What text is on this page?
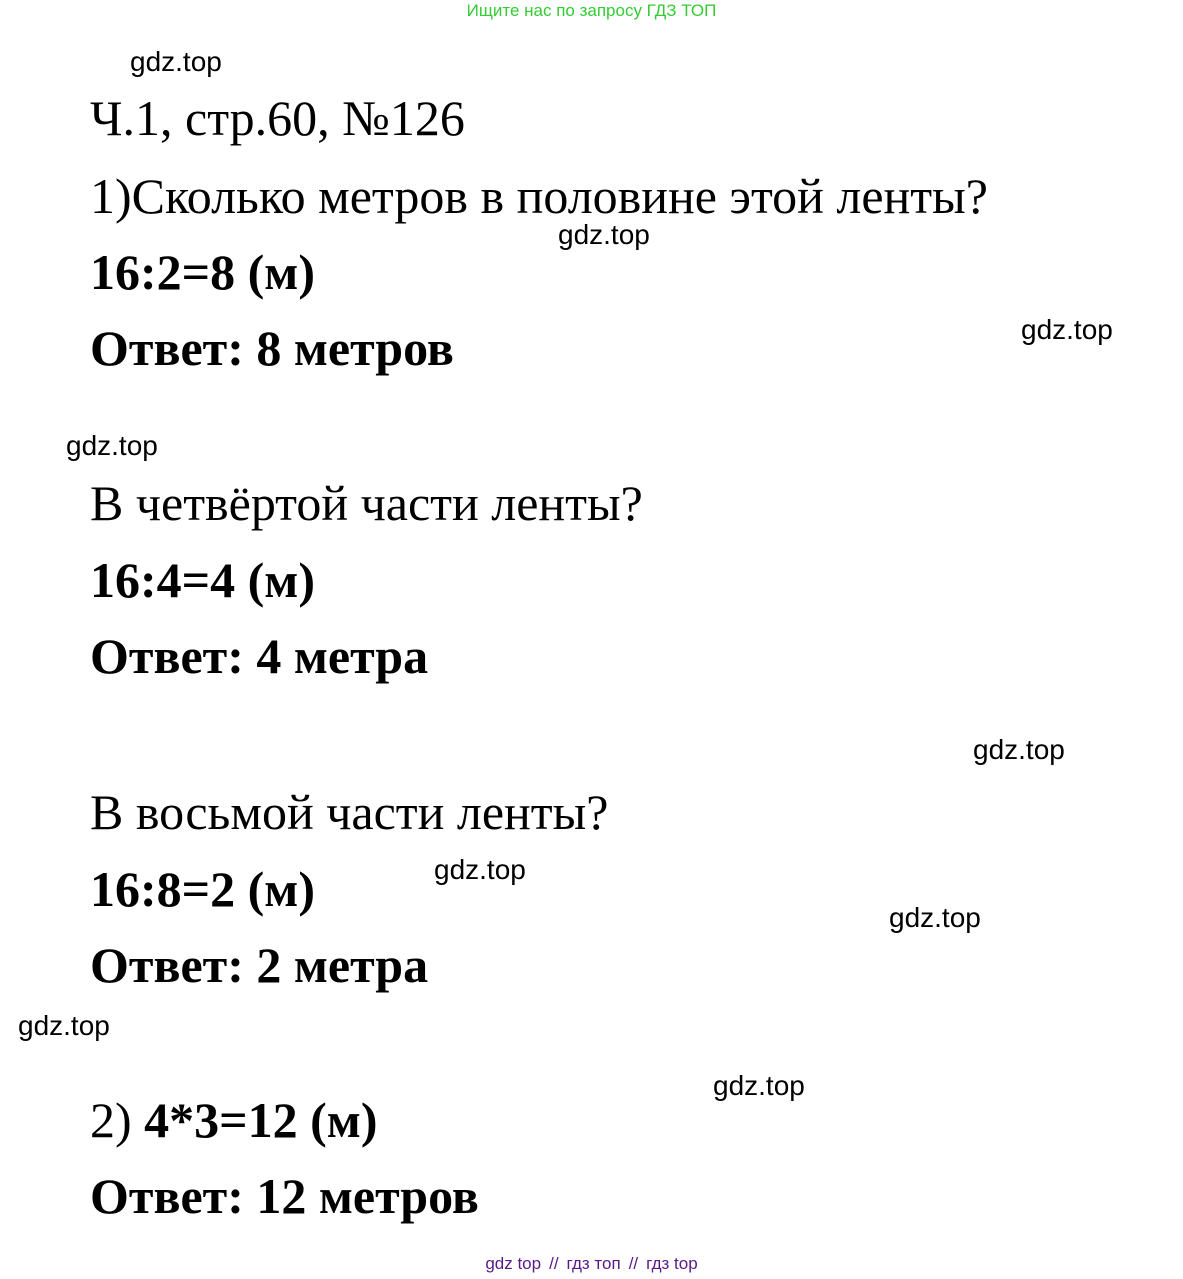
Ищите нас по запросу ГДЗ ТОП
gdz.top
gdz.top
gdz.top
gdz.top
gdz.top
gdz.top
gdz.top
gdz.top
gdz.top
Ч.1, стр.60, №126
1)Сколько метров в половине этой ленты?
16:2=8 (м)
Ответ: 8 метров
В четвёртой части ленты?
16:4=4 (м)
Ответ: 4 метра
В восьмой части ленты?
16:8=2 (м)
Ответ: 2 метра
2) 4*3=12 (м)
Ответ: 12 метров
gdz top // гдз топ // гдз top
